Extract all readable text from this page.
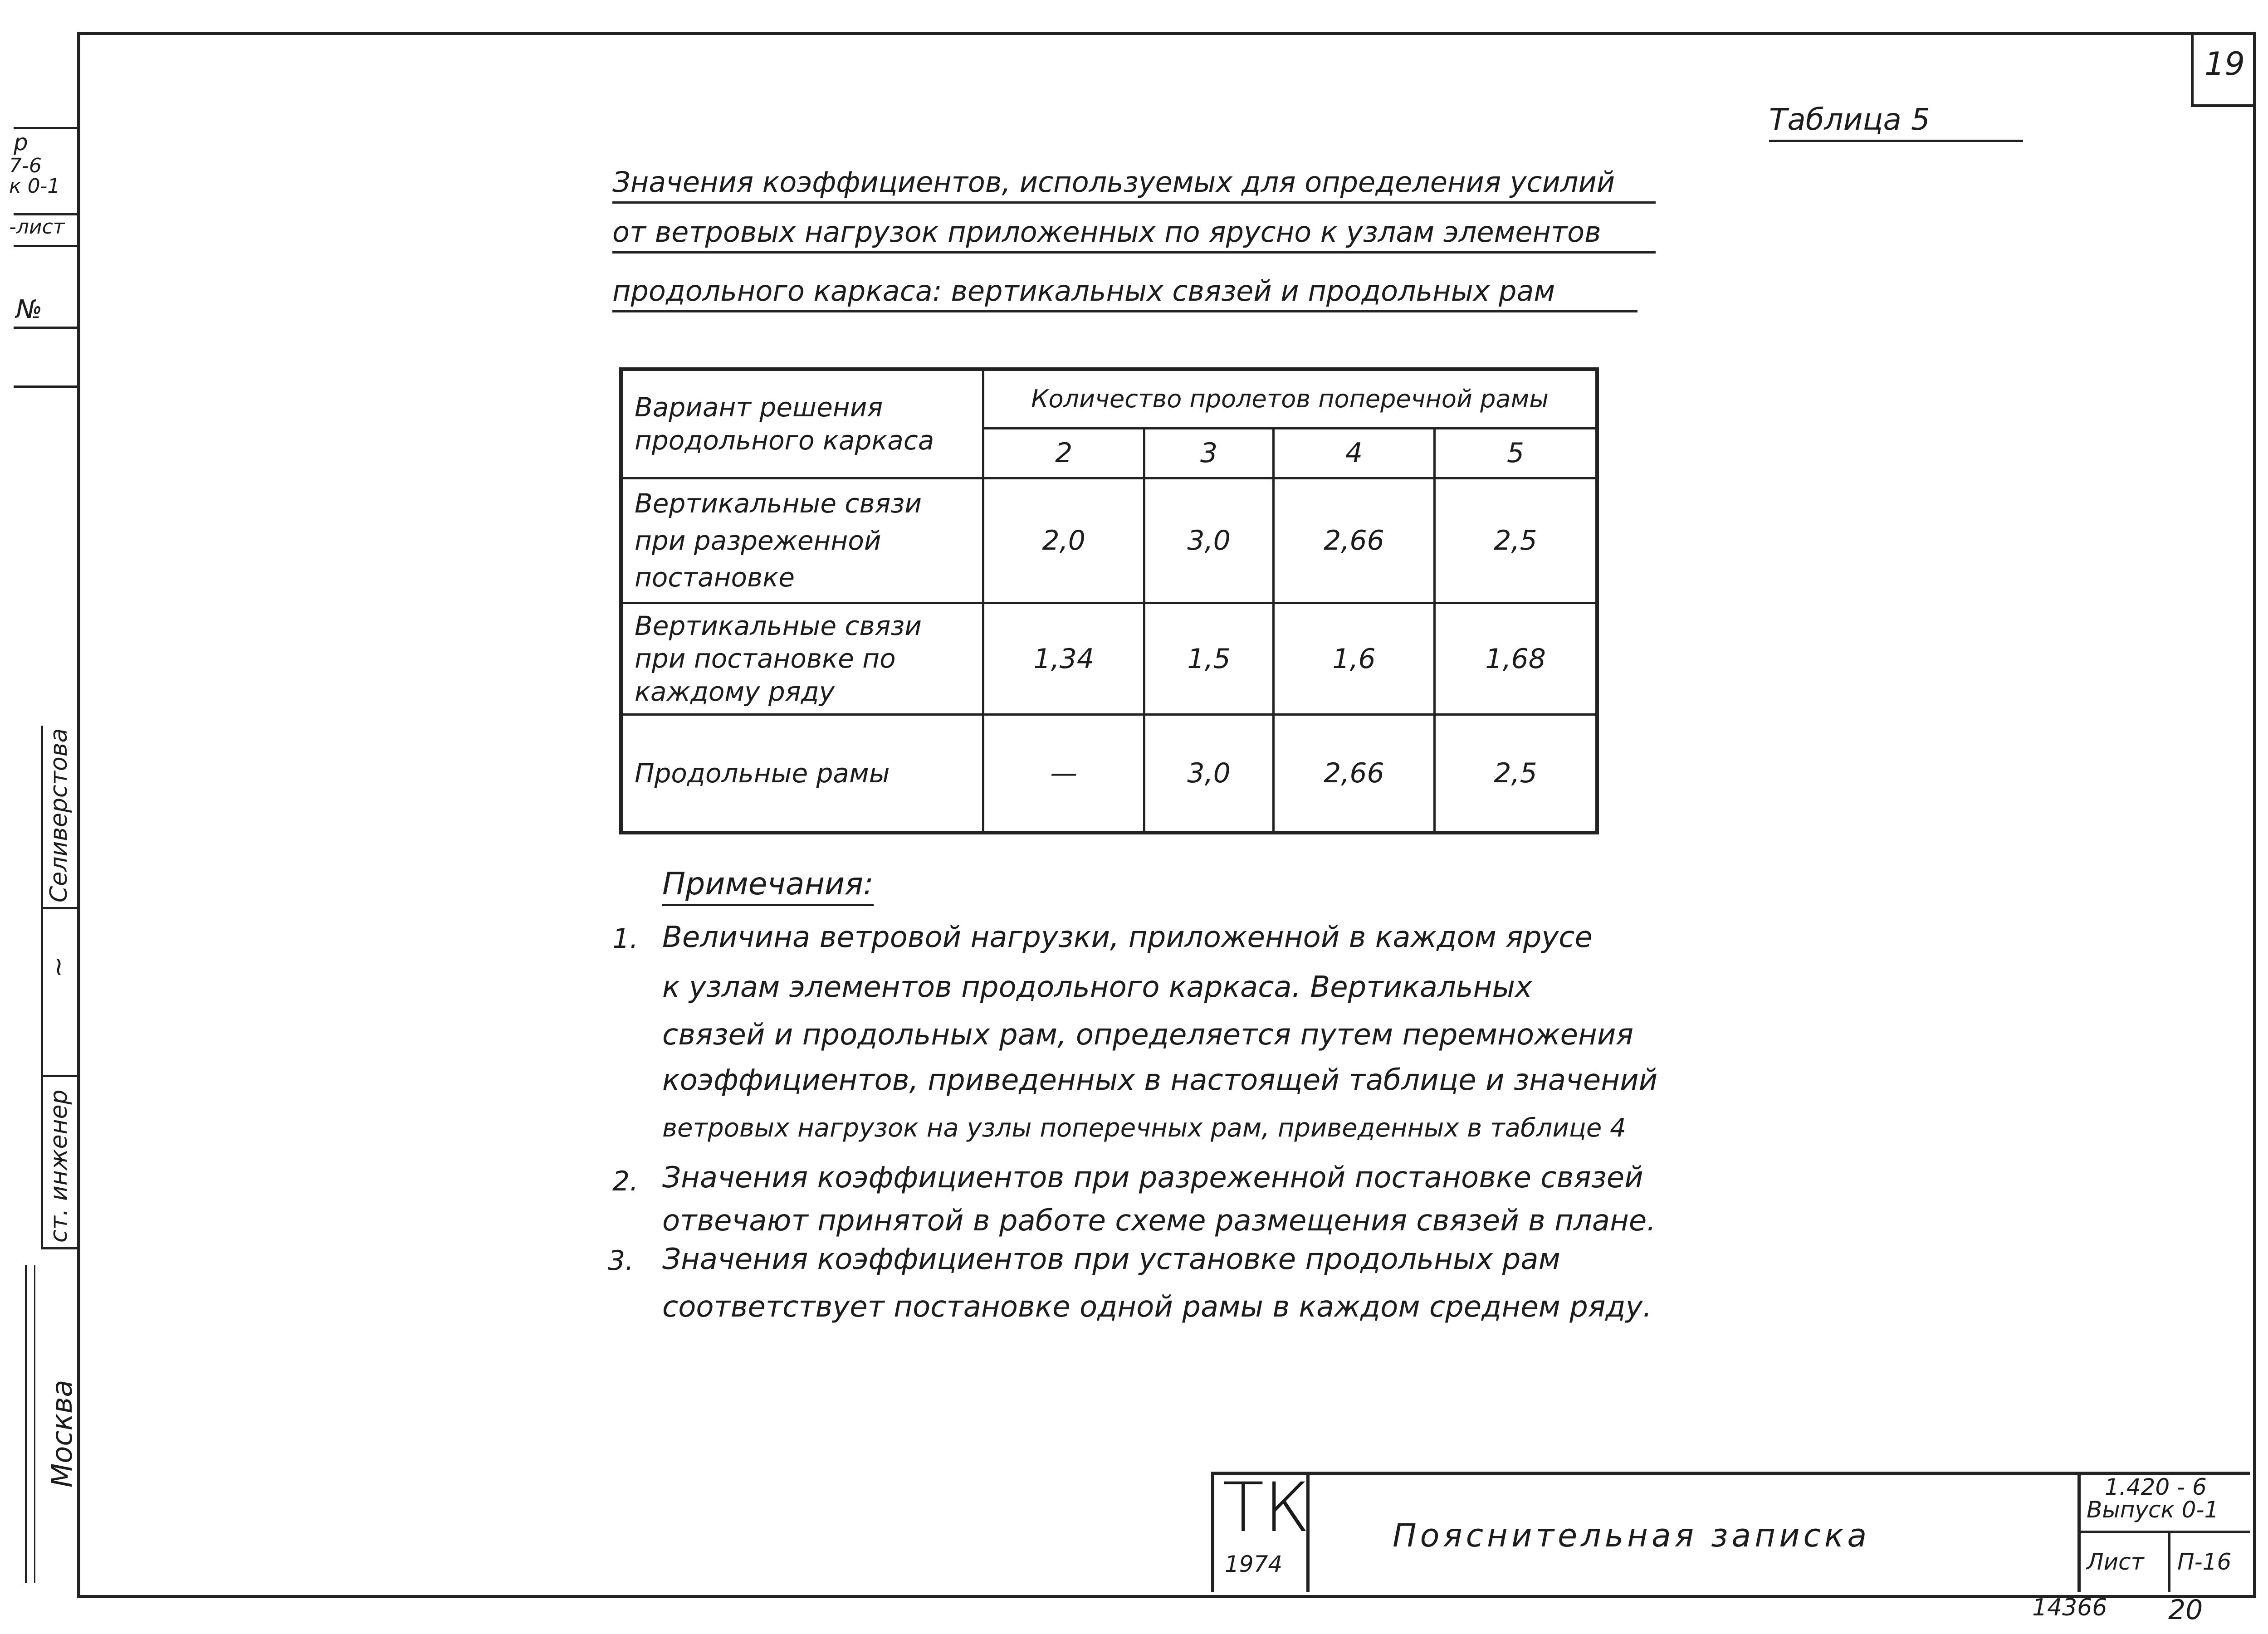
19
р
7-6
к 0-1
-лист
№
Селиверстова
ст. инженер
~
Москва
Таблица 5
Значения коэффициентов, используемых для определения усилий
от ветровых нагрузок приложенных по ярусно к узлам элементов
продольного каркаса: вертикальных связей и продольных рам
Вариант решения продольного каркаса	Количество пролетов поперечной рамы			
	2	3	4	5
Вертикальные связи при разреженной постановке	2,0	3,0	2,66	2,5
Вертикальные связи при постановке по каждому ряду	1,34	1,5	1,6	1,68
Продольные рамы	—	3,0	2,66	2,5
Примечания:
1. Величина ветровой нагрузки, приложенной в каждом ярусе
к узлам элементов продольного каркаса. Вертикальных
связей и продольных рам, определяется путем перемножения
коэффициентов, приведенных в настоящей таблице и значений
ветровых нагрузок на узлы поперечных рам, приведенных в таблице 4
2. Значения коэффициентов при разреженной постановке связей
отвечают принятой в работе схеме размещения связей в плане.
3. Значения коэффициентов при установке продольных рам
соответствует постановке одной рамы в каждом среднем ряду.
ТК
1974
Пояснительная записка
1.420 - 6
Выпуск 0-1
Лист П-16
14366 20
